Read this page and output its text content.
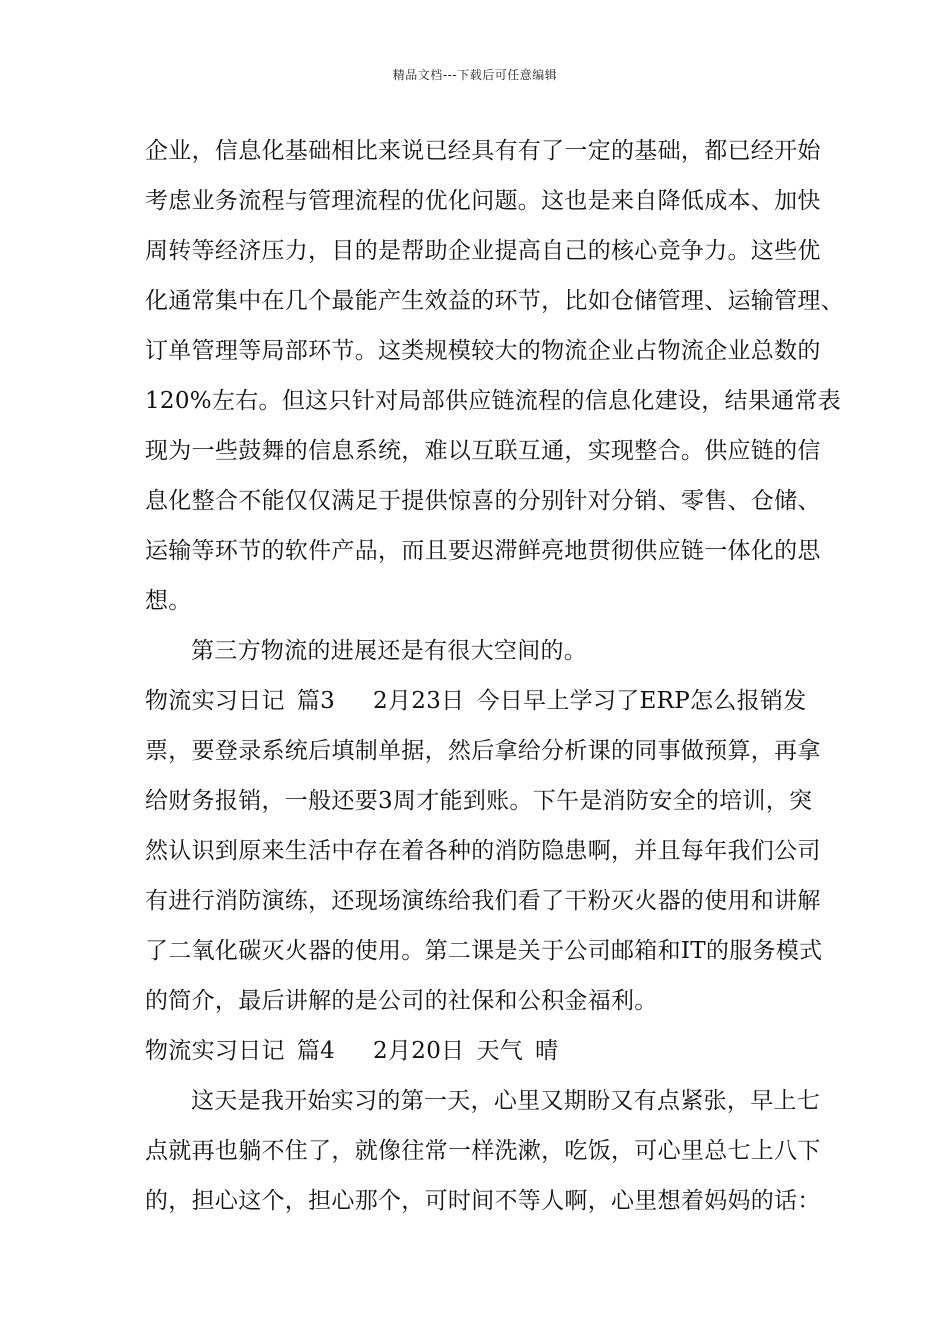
精品文档---下载后可任意编辑
企业，信息化基础相比来说已经具有有了一定的基础，都已经开始
考虑业务流程与管理流程的优化问题。这也是来自降低成本、加快
周转等经济压力，目的是帮助企业提高自己的核心竞争力。这些优
化通常集中在几个最能产生效益的环节，比如仓储管理、运输管理、
订单管理等局部环节。这类规模较大的物流企业占物流企业总数的
120%左右。但这只针对局部供应链流程的信息化建设，结果通常表
现为一些鼓舞的信息系统，难以互联互通，实现整合。供应链的信
息化整合不能仅仅满足于提供惊喜的分别针对分销、零售、仓储、
运输等环节的软件产品，而且要迟滞鲜亮地贯彻供应链一体化的思
想。
第三方物流的进展还是有很大空间的。
物流实习日记 篇3 2月23日 今日早上学习了ERP怎么报销发
票，要登录系统后填制单据，然后拿给分析课的同事做预算，再拿
给财务报销，一般还要3周才能到账。下午是消防安全的培训，突
然认识到原来生活中存在着各种的消防隐患啊，并且每年我们公司
有进行消防演练，还现场演练给我们看了干粉灭火器的使用和讲解
了二氧化碳灭火器的使用。第二课是关于公司邮箱和IT的服务模式
的简介，最后讲解的是公司的社保和公积金福利。
物流实习日记 篇4 2月20日 天气 晴
这天是我开始实习的第一天，心里又期盼又有点紧张，早上七
点就再也躺不住了，就像往常一样洗漱，吃饭，可心里总七上八下
的，担心这个，担心那个，可时间不等人啊，心里想着妈妈的话：
